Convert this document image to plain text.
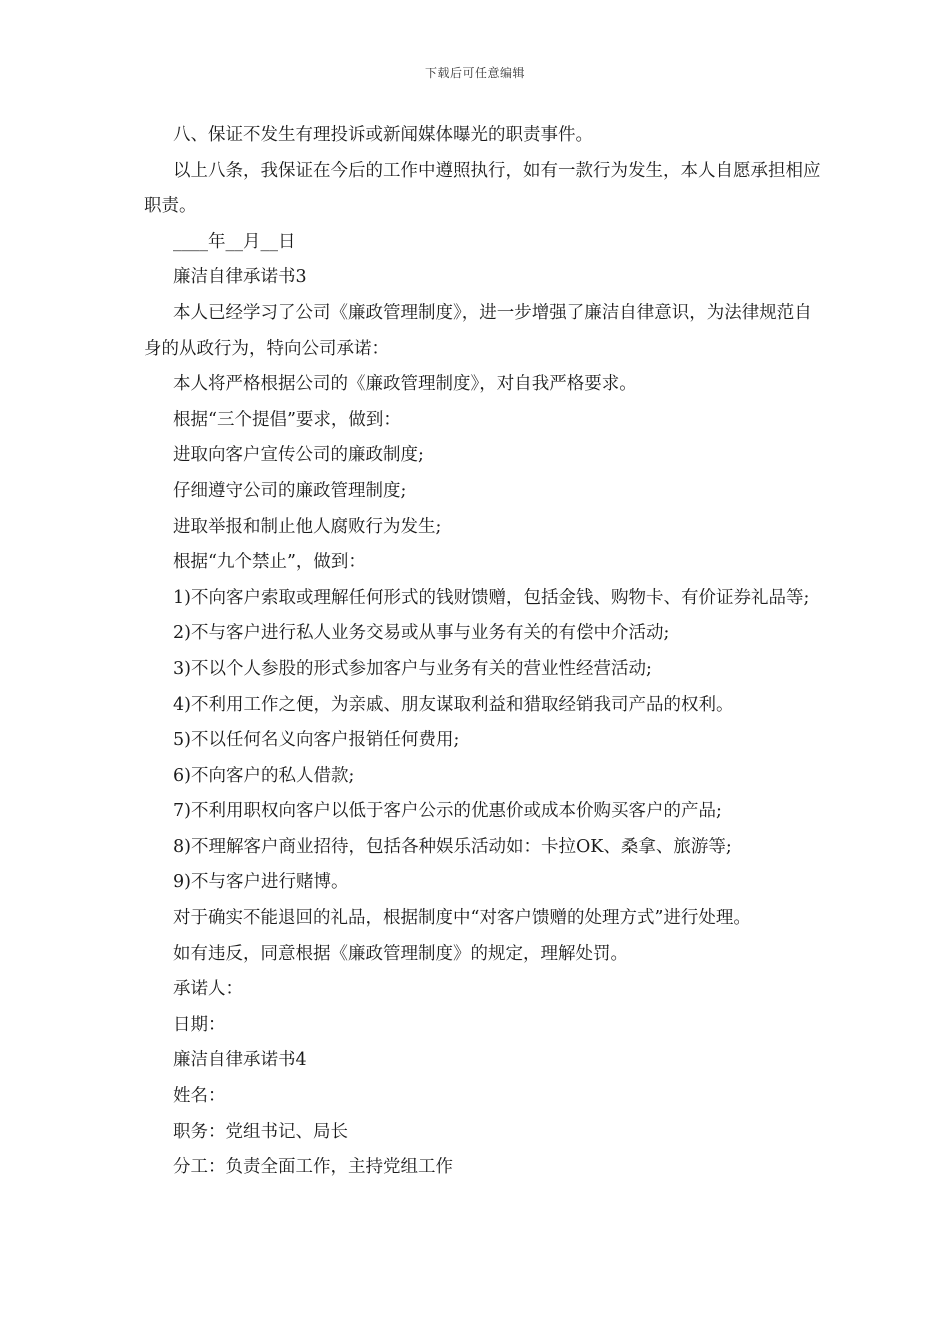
下载后可任意编辑

八、保证不发生有理投诉或新闻媒体曝光的职责事件。

以上八条，我保证在今后的工作中遵照执行，如有一款行为发生，本人自愿承担相应职责。

____年__月__日

廉洁自律承诺书3

本人已经学习了公司《廉政管理制度》，进一步增强了廉洁自律意识，为法律规范自身的从政行为，特向公司承诺：

本人将严格根据公司的《廉政管理制度》，对自我严格要求。

根据“三个提倡”要求，做到：

进取向客户宣传公司的廉政制度;

仔细遵守公司的廉政管理制度;

进取举报和制止他人腐败行为发生;

根据“九个禁止”，做到：

1)不向客户索取或理解任何形式的钱财馈赠，包括金钱、购物卡、有价证券礼品等;

2)不与客户进行私人业务交易或从事与业务有关的有偿中介活动;

3)不以个人参股的形式参加客户与业务有关的营业性经营活动;

4)不利用工作之便，为亲戚、朋友谋取利益和猎取经销我司产品的权利。

5)不以任何名义向客户报销任何费用;

6)不向客户的私人借款;

7)不利用职权向客户以低于客户公示的优惠价或成本价购买客户的产品;

8)不理解客户商业招待，包括各种娱乐活动如：卡拉OK、桑拿、旅游等;

9)不与客户进行赌博。

对于确实不能退回的礼品，根据制度中“对客户馈赠的处理方式”进行处理。

如有违反，同意根据《廉政管理制度》的规定，理解处罚。

承诺人：

日期：

廉洁自律承诺书4

姓名：

职务：党组书记、局长

分工：负责全面工作，主持党组工作
